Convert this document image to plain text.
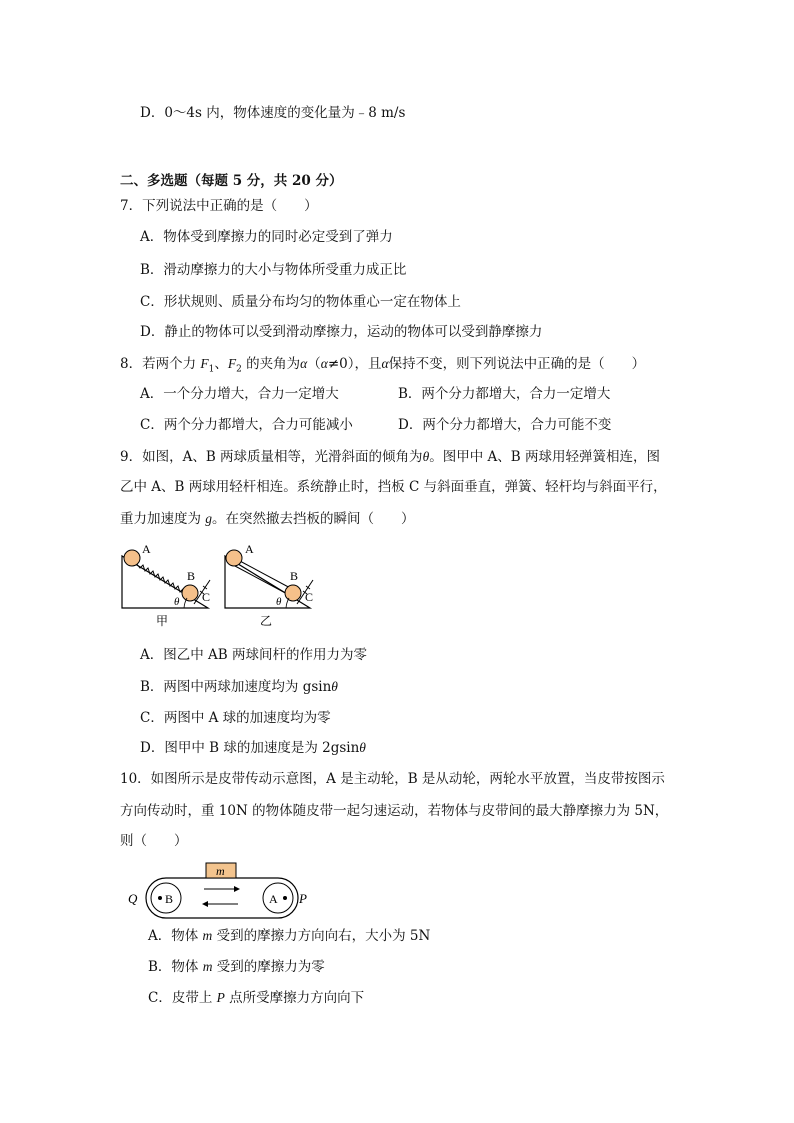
D．0～4s 内，物体速度的变化量为﹣8 m/s
二、多选题（每题 5 分，共 20 分）
7．下列说法中正确的是（　　）
A．物体受到摩擦力的同时必定受到了弹力
B．滑动摩擦力的大小与物体所受重力成正比
C．形状规则、质量分布均匀的物体重心一定在物体上
D．静止的物体可以受到滑动摩擦力，运动的物体可以受到静摩擦力
8．若两个力 $F_1$、$F_2$ 的夹角为α（α≠0），且α保持不变，则下列说法中正确的是（　　）
A．一个分力增大，合力一定增大	B．两个分力都增大，合力一定增大
C．两个分力都增大，合力可能减小	D．两个分力都增大，合力可能不变
9．如图，A、B 两球质量相等，光滑斜面的倾角为θ。图甲中 A、B 两球用轻弹簧相连，图
乙中 A、B 两球用轻杆相连。系统静止时，挡板 C 与斜面垂直，弹簧、轻杆均与斜面平行，
重力加速度为 g。在突然撤去挡板的瞬间（　　）
A
B
C
θ
甲
A
B
C
θ
乙
A．图乙中 AB 两球间杆的作用力为零
B．两图中两球加速度均为 gsinθ
C．两图中 A 球的加速度均为零
D．图甲中 B 球的加速度是为 2gsinθ
10．如图所示是皮带传动示意图，A 是主动轮，B 是从动轮，两轮水平放置，当皮带按图示
方向传动时，重 10N 的物体随皮带一起匀速运动，若物体与皮带间的最大静摩擦力为 5N，
则（　　）
m
Q B	A P
A．物体 m 受到的摩擦力方向向右，大小为 5N
B．物体 m 受到的摩擦力为零
C．皮带上 P 点所受摩擦力方向向下
